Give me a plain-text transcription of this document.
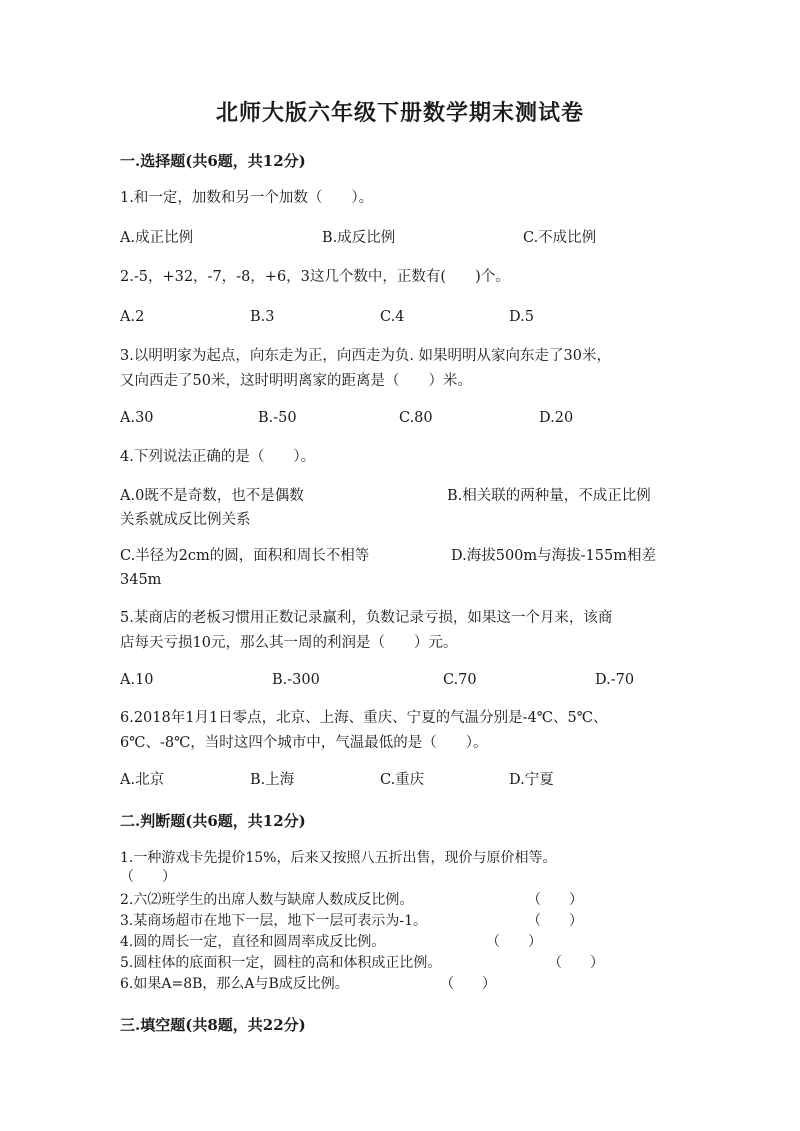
北师大版六年级下册数学期末测试卷
一.选择题(共6题，共12分)
1.和一定，加数和另一个加数（　　）。
A.成正比例	B.成反比例	C.不成比例
2.-5，+32，-7，-8，+6，3这几个数中，正数有(　　)个。
A.2	B.3	C.4	D.5
3.以明明家为起点，向东走为正，向西走为负. 如果明明从家向东走了30米，
又向西走了50米，这时明明离家的距离是（　　）米。
A.30	B.-50	C.80	D.20
4.下列说法正确的是（　　）。
A.0既不是奇数，也不是偶数	B.相关联的两种量，不成正比例
关系就成反比例关系
C.半径为2cm的圆，面积和周长不相等	D.海拔500m与海拔-155m相差
345m
5.某商店的老板习惯用正数记录赢利，负数记录亏损，如果这一个月来，该商
店每天亏损10元，那么其一周的利润是（　　）元。
A.10	B.-300	C.70	D.-70
6.2018年1月1日零点，北京、上海、重庆、宁夏的气温分别是-4℃、5℃、
6℃、-8℃，当时这四个城市中，气温最低的是（　　）。
A.北京	B.上海	C.重庆	D.宁夏
二.判断题(共6题，共12分)
1.一种游戏卡先提价15%，后来又按照八五折出售，现价与原价相等。
（　　）
2.六⑵班学生的出席人数与缺席人数成反比例。	（　　）
3.某商场超市在地下一层，地下一层可表示为-1。	（　　）
4.圆的周长一定，直径和圆周率成反比例。	（　　）
5.圆柱体的底面积一定，圆柱的高和体积成正比例。	（　　）
6.如果A=8B，那么A与B成反比例。	（　　）
三.填空题(共8题，共22分)
